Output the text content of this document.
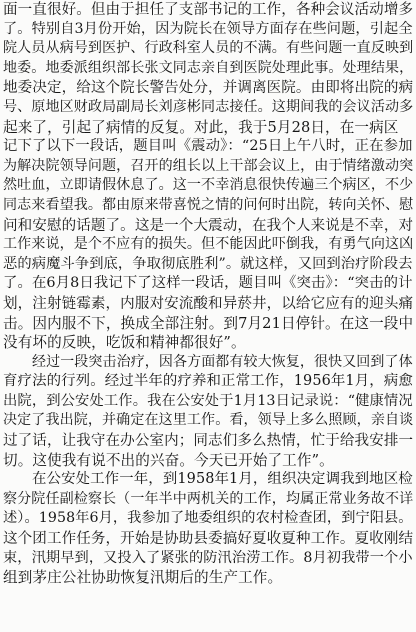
面一直很好。但由于担任了支部书记的工作，各种会议活动增多
了。特别自3月份开始，因为院长在领导方面存在些问题，引起全
院人员从病号到医护、行政科室人员的不满。有些问题一直反映到
地委。地委派组织部长张文同志亲自到医院处理此事。处理结果，
地委决定，给这个院长警告处分，并调离医院。由即将出院的病
号、原地区财政局副局长刘彦彬同志接任。这期间我的会议活动多
起来了，引起了病情的反复。对此，我于5月28日，在一病区
记下了以下一段话，题目叫《震动》：“25日上午八时，正在参加
为解决院领导问题，召开的组长以上干部会议上，由于情绪激动突
然吐血，立即请假休息了。这一不幸消息很快传遍三个病区，不少
同志来看望我。都由原来带喜悦之情的问何时出院，转向关怀、慰
问和安慰的话题了。这是一个大震动，在我个人来说是不幸，对
工作来说，是个不应有的损失。但不能因此吓倒我，有勇气向这凶
恶的病魔斗争到底，争取彻底胜利”。就这样，又回到治疗阶段去
了。在6月8日我记下了这样一段话，题目叫《突击》：“突击的计
划，注射链霉素，内服对安流酸和异菸井，以给它应有的迎头痛
击。因内服不下，换成全部注射。到7月21日停针。在这一段中
没有坏的反映，吃饭和精神都很好”。
经过一段突击治疗，因各方面都有较大恢复，很快又回到了体
育疗法的行列。经过半年的疗养和正常工作，1956年1月，病愈
出院，到公安处工作。我在公安处于1月13日记录说：“健康情况
决定了我出院，并确定在这里工作。看，领导上多么照顾，亲自谈
过了话，让我守在办公室内；同志们多么热情，忙于给我安排一
切。这使我有说不出的兴奋。今天已开始了工作”。
在公安处工作一年，到1958年1月，组织决定调我到地区检
察分院任副检察长（一年半中两机关的工作，均属正常业务故不详
述）。1958年6月，我参加了地委组织的农村检查团，到宁阳县。
这个团工作任务，开始是协助县委搞好夏收夏种工作。夏收刚结
束，汛期早到，又投入了紧张的防汛治涝工作。8月初我带一个小
组到茅庄公社协助恢复汛期后的生产工作。
